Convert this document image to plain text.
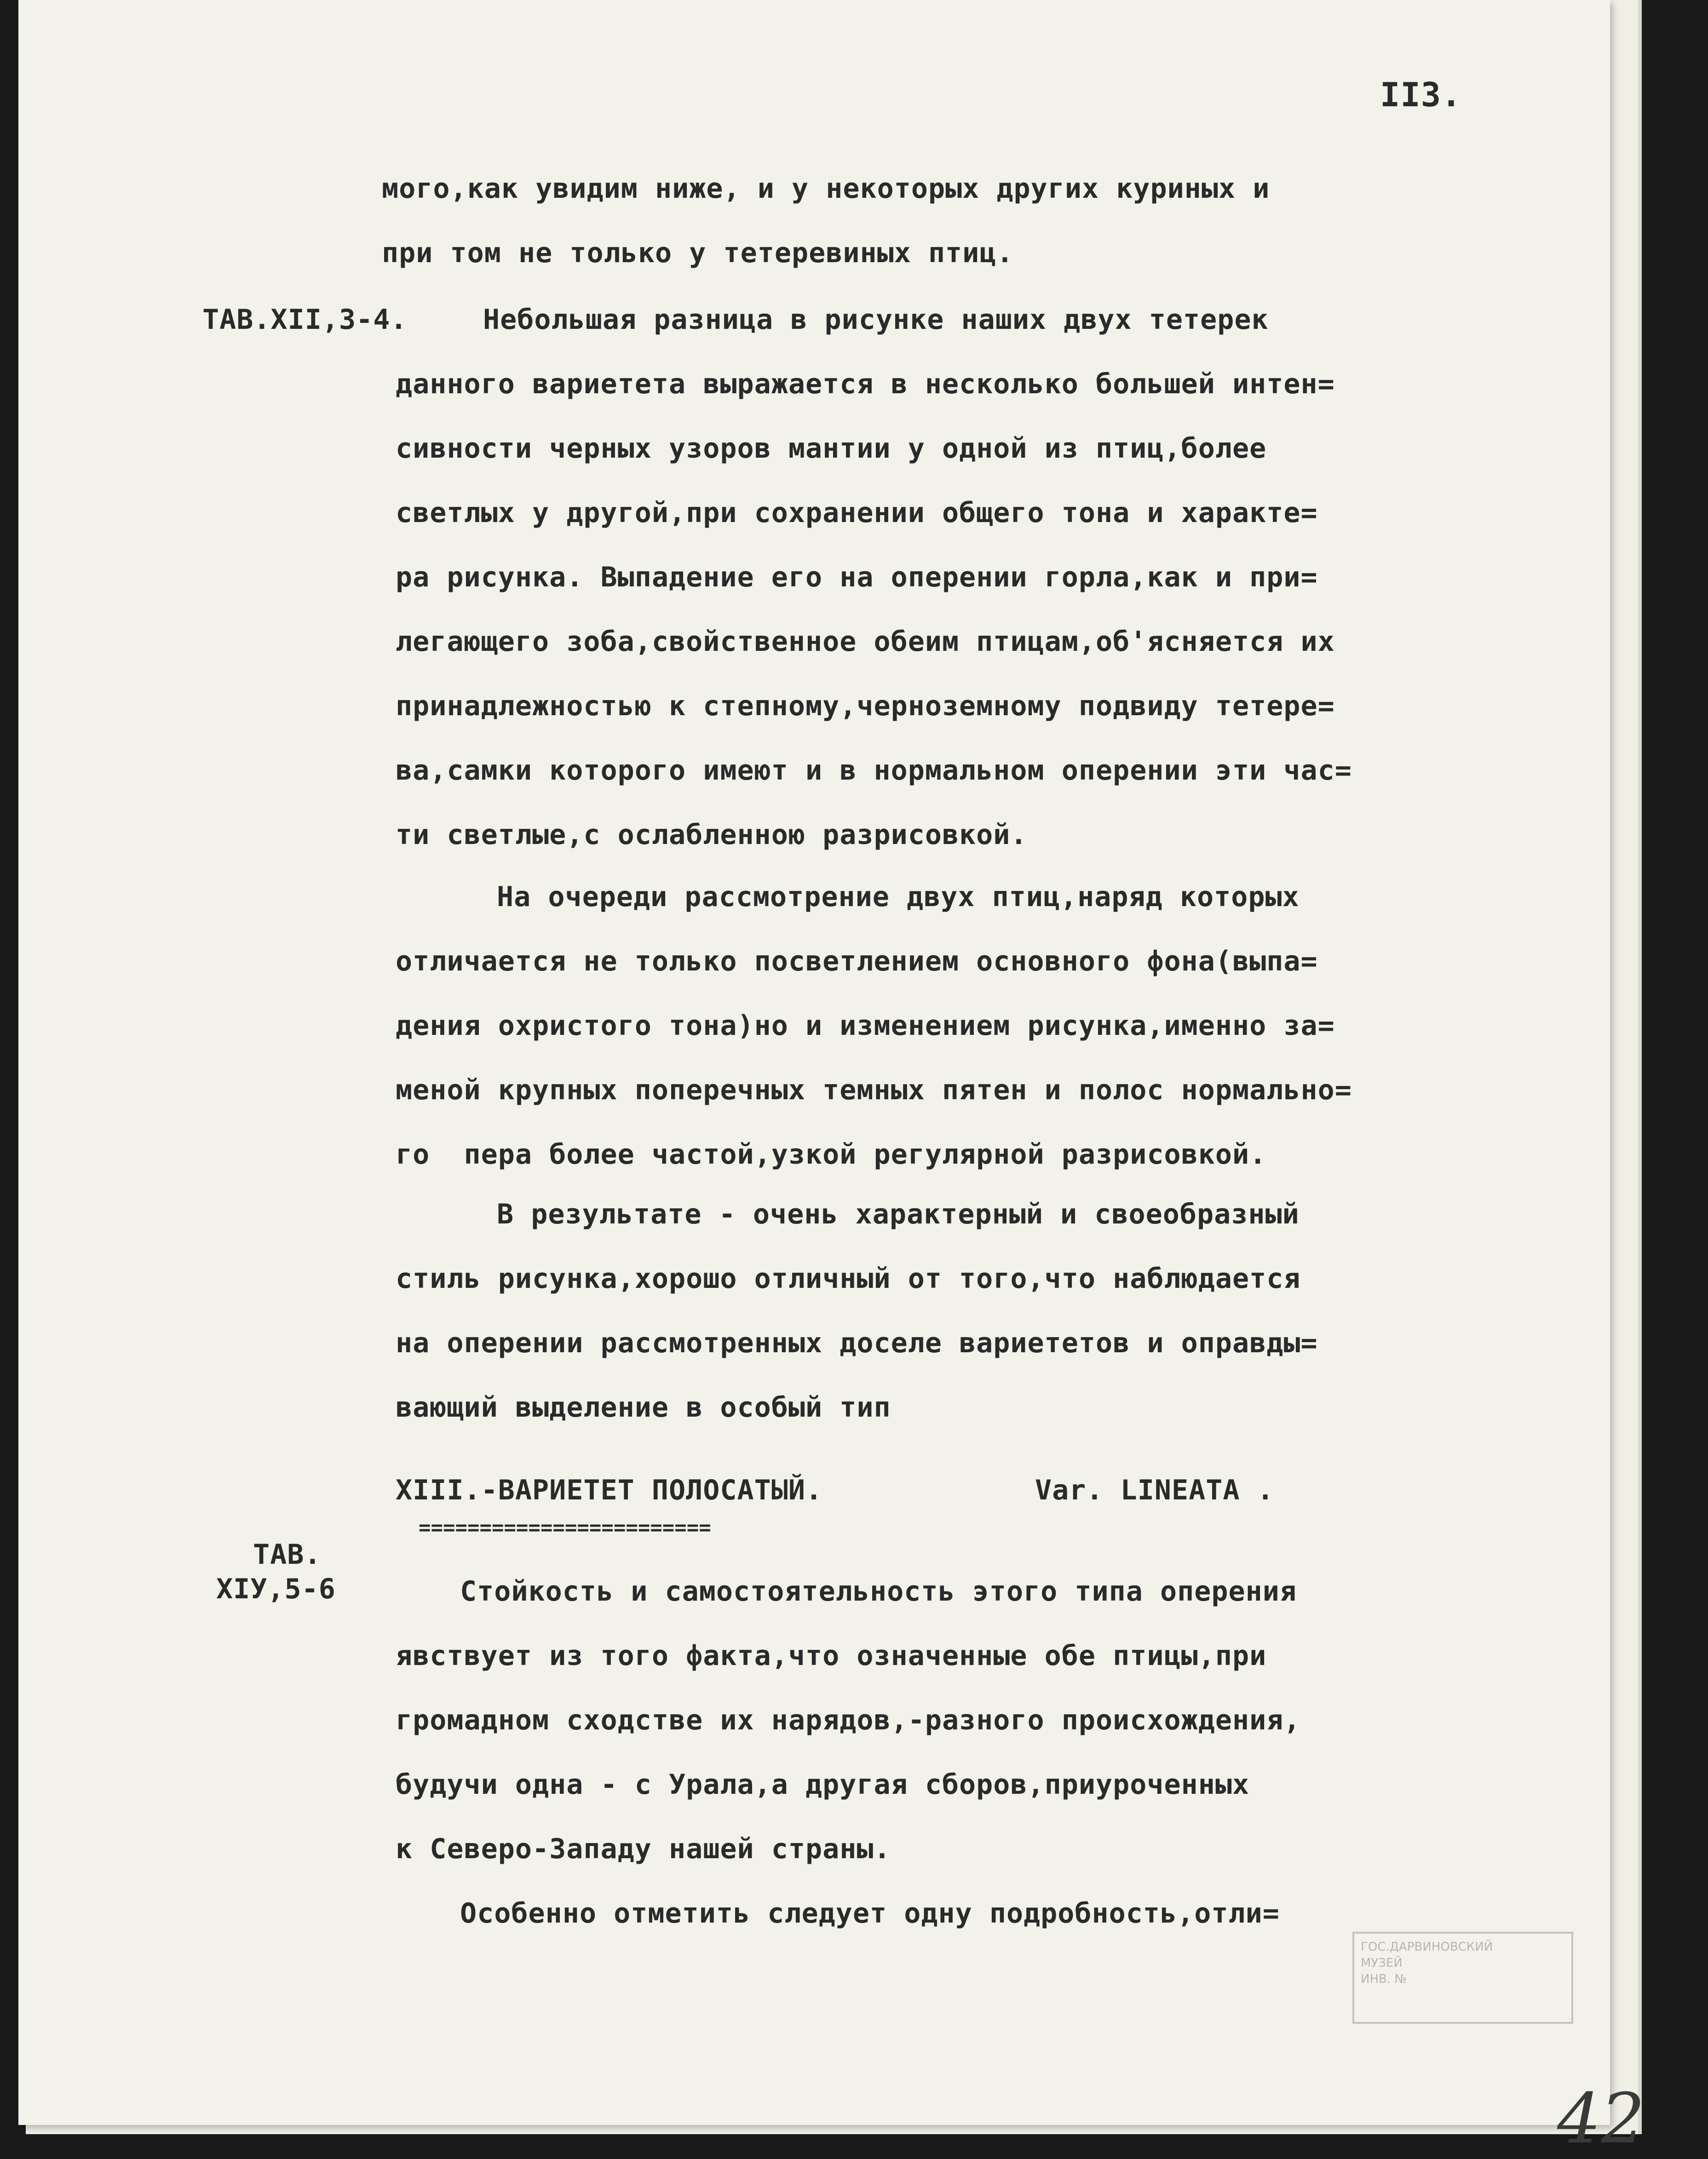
II3.
мого,как увидим ниже, и у некоторых других куриных и
при том не только у тетеревиных птиц.
ТАВ.XII,3-4.	Небольшая разница в рисунке наших двух тетерек
данного вариетета выражается в несколько большей интен=
сивности черных узоров мантии у одной из птиц,более
светлых у другой,при сохранении общего тона и характе=
ра рисунка. Выпадение его на оперении горла,как и при=
легающего зоба,свойственное обеим птицам,об'ясняется их
принадлежностью к степному,черноземному подвиду тетере=
ва,самки которого имеют и в нормальном оперении эти час=
ти светлые,с ослабленною разрисовкой.
На очереди рассмотрение двух птиц,наряд которых
отличается не только посветлением основного фона(выпа=
дения охристого тона)но и изменением рисунка,именно за=
меной крупных поперечных темных пятен и полос нормально=
го  пера более частой,узкой регулярной разрисовкой.
В результате - очень характерный и своеобразный
стиль рисунка,хорошо отличный от того,что наблюдается
на оперении рассмотренных доселе вариететов и оправды=
вающий выделение в особый тип
XIII.-ВАРИЕТЕТ ПОЛОСАТЫЙ.	Var. LINEATA .
========================
ТАВ.
XIУ,5-6	Стойкость и самостоятельность этого типа оперения
явствует из того факта,что означенные обе птицы,при
громадном сходстве их нарядов,-разного происхождения,
будучи одна - с Урала,а другая сборов,приуроченных
к Северо-Западу нашей страны.
Особенно отметить следует одну подробность,отли=
ГОС.ДАРВИНОВСКИЙ
МУЗЕЙ
ИНВ. №
42
